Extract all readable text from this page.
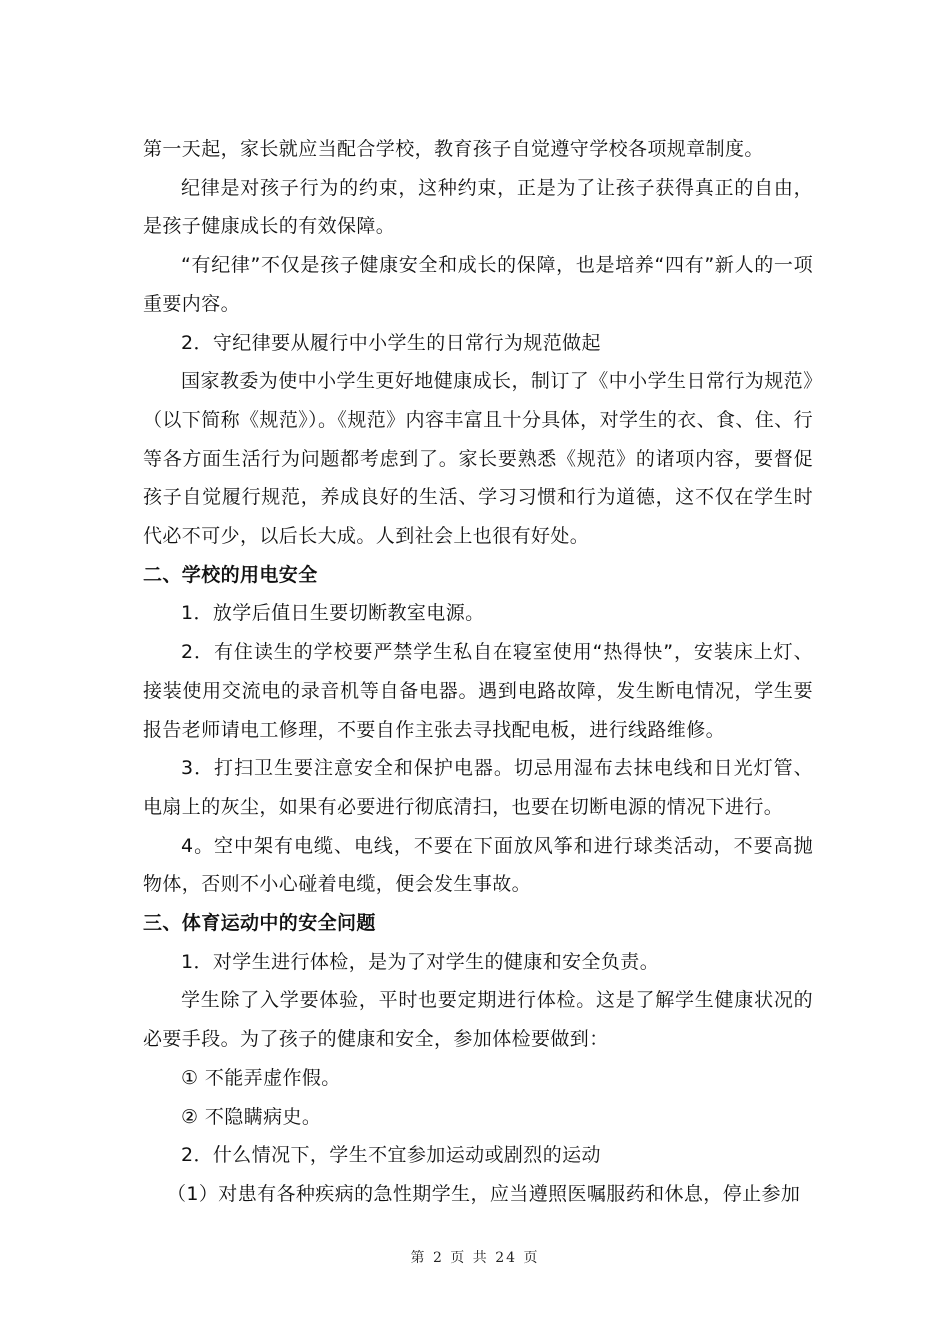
第一天起，家长就应当配合学校，教育孩子自觉遵守学校各项规章制度。

纪律是对孩子行为的约束，这种约束，正是为了让孩子获得真正的自由，是孩子健康成长的有效保障。

“有纪律”不仅是孩子健康安全和成长的保障，也是培养“四有”新人的一项重要内容。

2．守纪律要从履行中小学生的日常行为规范做起

国家教委为使中小学生更好地健康成长，制订了《中小学生日常行为规范》（以下简称《规范》）。《规范》内容丰富且十分具体，对学生的衣、食、住、行等各方面生活行为问题都考虑到了。家长要熟悉《规范》的诸项内容，要督促孩子自觉履行规范，养成良好的生活、学习习惯和行为道德，这不仅在学生时代必不可少，以后长大成。人到社会上也很有好处。

二、学校的用电安全

1．放学后值日生要切断教室电源。

2．有住读生的学校要严禁学生私自在寝室使用“热得快”，安装床上灯、接装使用交流电的录音机等自备电器。遇到电路故障，发生断电情况，学生要报告老师请电工修理，不要自作主张去寻找配电板，进行线路维修。

3．打扫卫生要注意安全和保护电器。切忌用湿布去抹电线和日光灯管、电扇上的灰尘，如果有必要进行彻底清扫，也要在切断电源的情况下进行。

4。空中架有电缆、电线，不要在下面放风筝和进行球类活动，不要高抛物体，否则不小心碰着电缆，便会发生事故。

三、体育运动中的安全问题

1．对学生进行体检，是为了对学生的健康和安全负责。

学生除了入学要体验，平时也要定期进行体检。这是了解学生健康状况的必要手段。为了孩子的健康和安全，参加体检要做到：

① 不能弄虚作假。

② 不隐瞒病史。

2．什么情况下，学生不宜参加运动或剧烈的运动

（1）对患有各种疾病的急性期学生，应当遵照医嘱服药和休息，停止参加

第 2 页 共 24 页
